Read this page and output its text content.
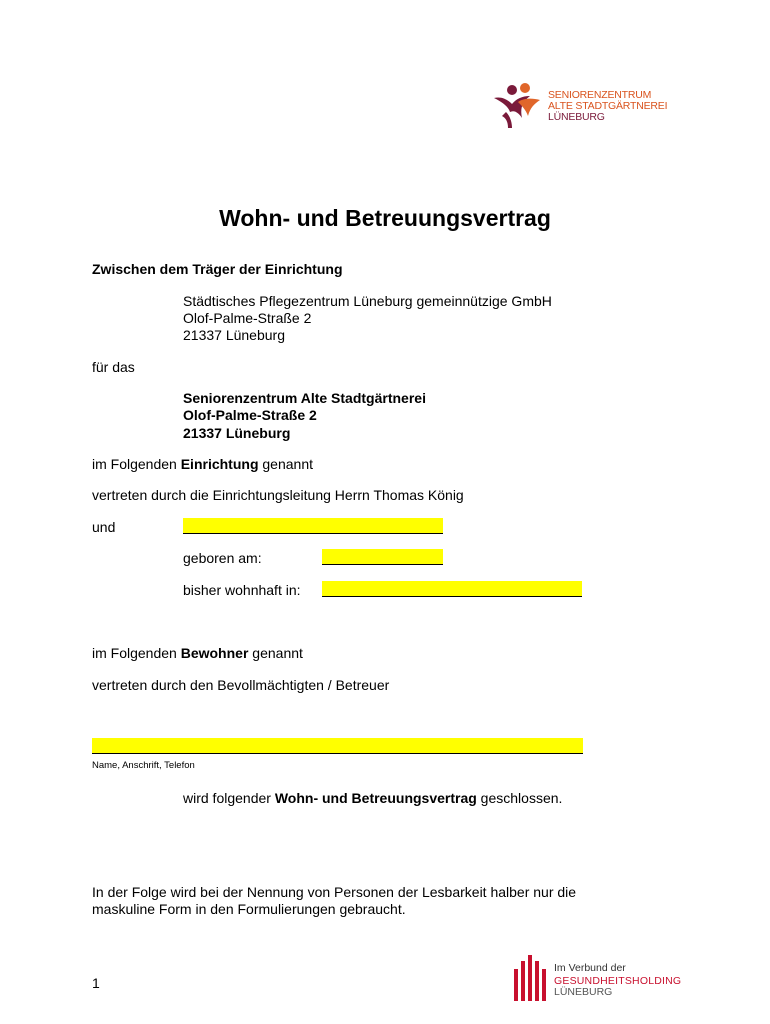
SENIORENZENTRUM
ALTE STADTGÄRTNEREI
LÜNEBURG
Wohn- und Betreuungsvertrag
Zwischen dem Träger der Einrichtung
Städtisches Pflegezentrum Lüneburg gemeinnützige GmbH
Olof-Palme-Straße 2
21337 Lüneburg
für das
Seniorenzentrum Alte Stadtgärtnerei
Olof-Palme-Straße 2
21337 Lüneburg
im Folgenden Einrichtung genannt
vertreten durch die Einrichtungsleitung Herrn Thomas König
und
geboren am:
bisher wohnhaft in:
im Folgenden Bewohner genannt
vertreten durch den Bevollmächtigten / Betreuer
Name, Anschrift, Telefon
wird folgender Wohn- und Betreuungsvertrag geschlossen.
In der Folge wird bei der Nennung von Personen der Lesbarkeit halber nur die
maskuline Form in den Formulierungen gebraucht.
1
Im Verbund der
GESUNDHEITSHOLDING
LÜNEBURG
